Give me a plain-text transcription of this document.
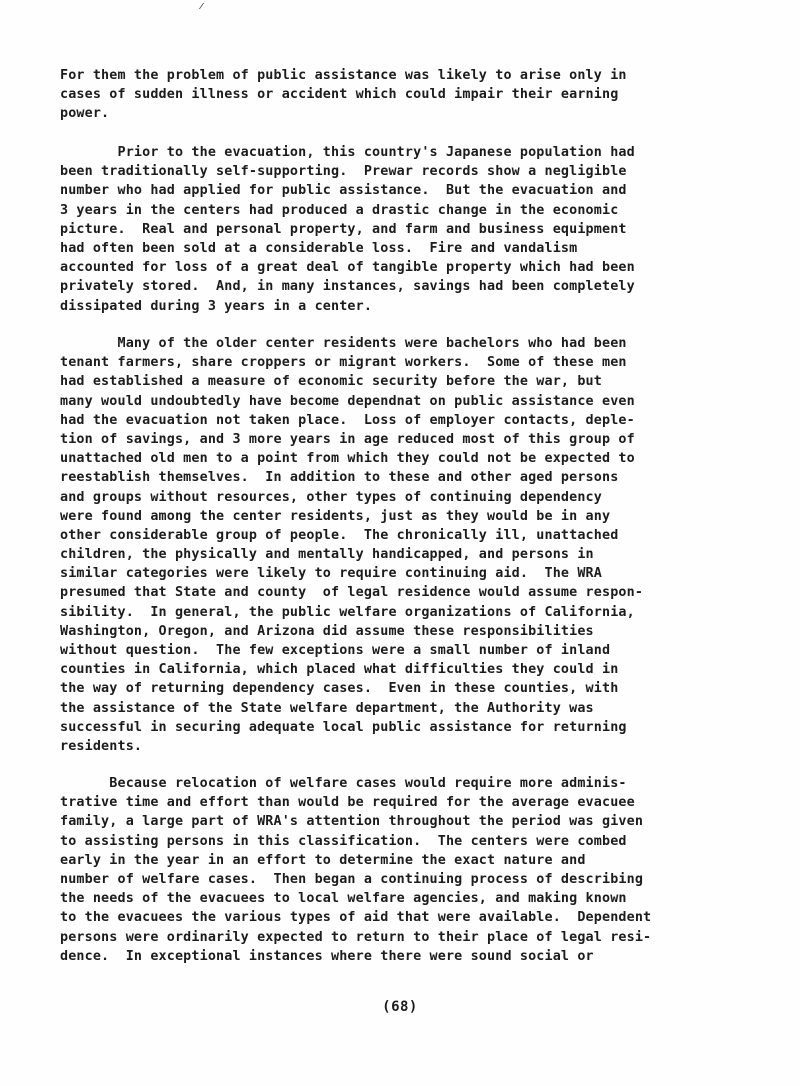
For them the problem of public assistance was likely to arise only in
cases of sudden illness or accident which could impair their earning
power.

Prior to the evacuation, this country's Japanese population had
been traditionally self-supporting.  Prewar records show a negligible
number who had applied for public assistance.  But the evacuation and
3 years in the centers had produced a drastic change in the economic
picture.  Real and personal property, and farm and business equipment
had often been sold at a considerable loss.  Fire and vandalism
accounted for loss of a great deal of tangible property which had been
privately stored.  And, in many instances, savings had been completely
dissipated during 3 years in a center.

Many of the older center residents were bachelors who had been
tenant farmers, share croppers or migrant workers.  Some of these men
had established a measure of economic security before the war, but
many would undoubtedly have become dependnat on public assistance even
had the evacuation not taken place.  Loss of employer contacts, deple-
tion of savings, and 3 more years in age reduced most of this group of
unattached old men to a point from which they could not be expected to
reestablish themselves.  In addition to these and other aged persons
and groups without resources, other types of continuing dependency
were found among the center residents, just as they would be in any
other considerable group of people.  The chronically ill, unattached
children, the physically and mentally handicapped, and persons in
similar categories were likely to require continuing aid.  The WRA
presumed that State and county  of legal residence would assume respon-
sibility.  In general, the public welfare organizations of California,
Washington, Oregon, and Arizona did assume these responsibilities
without question.  The few exceptions were a small number of inland
counties in California, which placed what difficulties they could in
the way of returning dependency cases.  Even in these counties, with
the assistance of the State welfare department, the Authority was
successful in securing adequate local public assistance for returning
residents.

Because relocation of welfare cases would require more adminis-
trative time and effort than would be required for the average evacuee
family, a large part of WRA's attention throughout the period was given
to assisting persons in this classification.  The centers were combed
early in the year in an effort to determine the exact nature and
number of welfare cases.  Then began a continuing process of describing
the needs of the evacuees to local welfare agencies, and making known
to the evacuees the various types of aid that were available.  Dependent
persons were ordinarily expected to return to their place of legal resi-
dence.  In exceptional instances where there were sound social or

(68)
